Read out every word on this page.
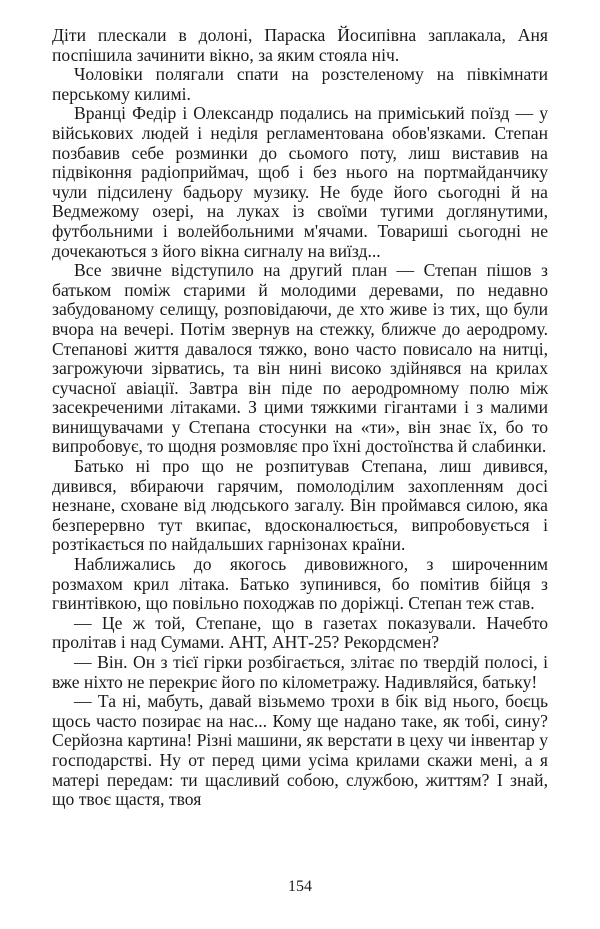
Діти плескали в долоні, Параска Йосипівна заплакала, Аня поспішила зачинити вікно, за яким стояла ніч.

Чоловіки полягали спати на розстеленому на півкімнати перському килимі.

Вранці Федір і Олександр подались на приміський поїзд — у військових людей і неділя регламентована обов'язками. Степан позбавив себе розминки до сьомого поту, лиш виставив на підвіконня радіоприймач, щоб і без нього на портмайданчику чули підсилену бадьору музику. Не буде його сьогодні й на Ведмежому озері, на луках із своїми тугими доглянутими, футбольними і волейбольними м'ячами. Товариші сьогодні не дочекаються з його вікна сигналу на виїзд...

Все звичне відступило на другий план — Степан пішов з батьком поміж старими й молодими деревами, по недавно забудованому селищу, розповідаючи, де хто живе із тих, що були вчора на вечері. Потім звернув на стежку, ближче до аеродрому. Степанові життя давалося тяжко, воно часто повисало на нитці, загрожуючи зірватись, та він нині високо здійнявся на крилах сучасної авіації. Завтра він піде по аеродромному полю між засекреченими літаками. З цими тяжкими гігантами і з малими винищувачами у Степана стосунки на «ти», він знає їх, бо то випробовує, то щодня розмовляє про їхні достоїнства й слабинки.

Батько ні про що не розпитував Степана, лиш дивився, дивився, вбираючи гарячим, помолоділим захопленням досі незнане, сховане від людського загалу. Він проймався силою, яка безперервно тут вкипає, вдосконалюється, випробовується і розтікається по найдальших гарнізонах країни.

Наближались до якогось дивовижного, з широченним розмахом крил літака. Батько зупинився, бо помітив бійця з гвинтівкою, що повільно походжав по доріжці. Степан теж став.

— Це ж той, Степане, що в газетах показували. Начебто пролітав і над Сумами. АНТ, АНТ-25? Рекордсмен?

— Він. Он з тієї гірки розбігається, злітає по твердій полосі, і вже ніхто не перекриє його по кілометражу. Надивляйся, батьку!

— Та ні, мабуть, давай візьмемо трохи в бік від нього, боєць щось часто позирає на нас... Кому ще надано таке, як тобі, сину? Серйозна картина! Різні машини, як верстати в цеху чи інвентар у господарстві. Ну от перед цими усіма крилами скажи мені, а я матері передам: ти щасливий собою, службою, життям? І знай, що твоє щастя, твоя

154
